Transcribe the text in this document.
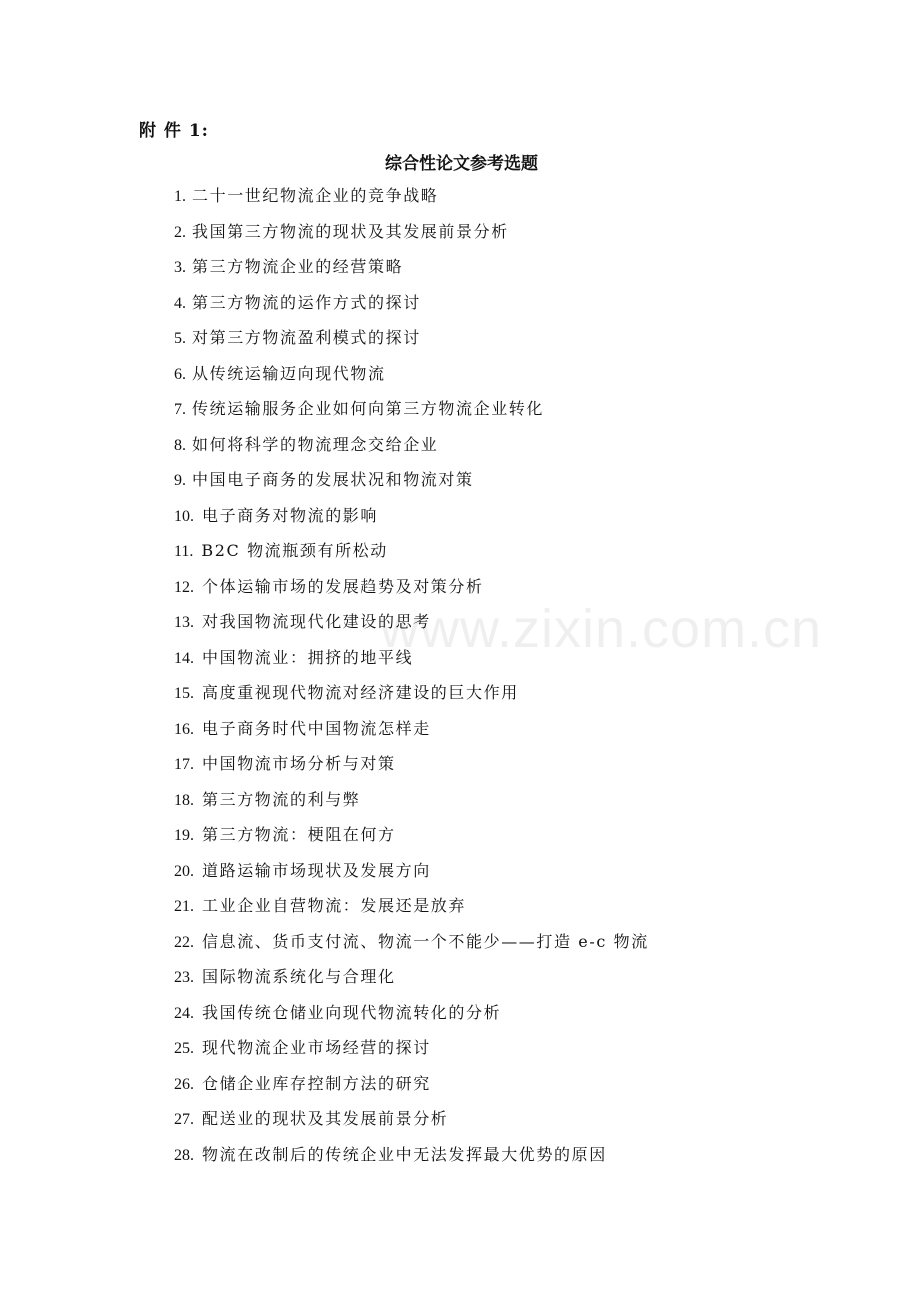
附 件 1:
综合性论文参考选题
1. 二十一世纪物流企业的竞争战略
2. 我国第三方物流的现状及其发展前景分析
3. 第三方物流企业的经营策略
4. 第三方物流的运作方式的探讨
5. 对第三方物流盈利模式的探讨
6. 从传统运输迈向现代物流
7. 传统运输服务企业如何向第三方物流企业转化
8. 如何将科学的物流理念交给企业
9. 中国电子商务的发展状况和物流对策
10. 电子商务对物流的影响
11. B2C 物流瓶颈有所松动
12. 个体运输市场的发展趋势及对策分析
13. 对我国物流现代化建设的思考
14. 中国物流业：拥挤的地平线
15. 高度重视现代物流对经济建设的巨大作用
16. 电子商务时代中国物流怎样走
17. 中国物流市场分析与对策
18. 第三方物流的利与弊
19. 第三方物流：梗阻在何方
20. 道路运输市场现状及发展方向
21. 工业企业自营物流：发展还是放弃
22. 信息流、货币支付流、物流一个不能少——打造 e-c 物流
23. 国际物流系统化与合理化
24. 我国传统仓储业向现代物流转化的分析
25. 现代物流企业市场经营的探讨
26. 仓储企业库存控制方法的研究
27. 配送业的现状及其发展前景分析
28. 物流在改制后的传统企业中无法发挥最大优势的原因
www.zixin.com.cn
